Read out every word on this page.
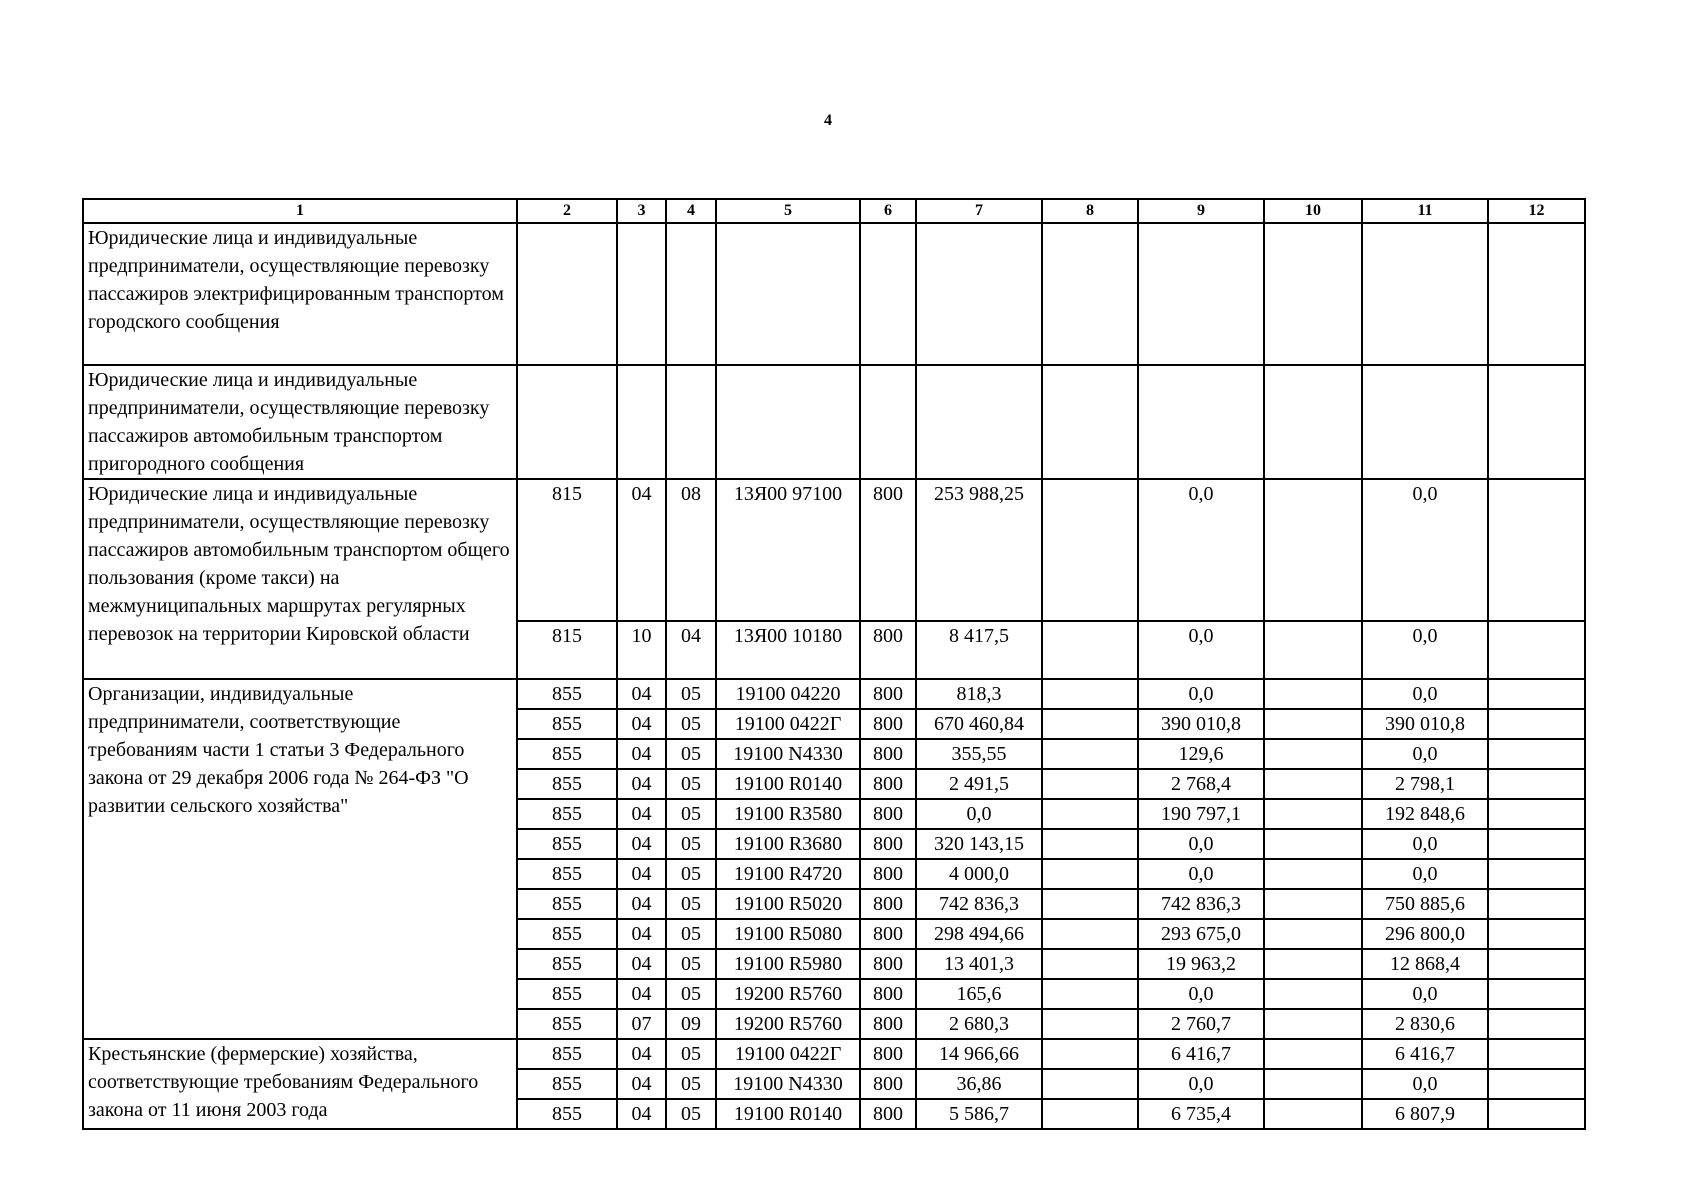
4
1	2	3	4	5	6	7	8	9	10	11	12
Юридические лица и индивидуальные предприниматели, осуществляющие перевозку пассажиров электрифицированным транспортом городского сообщения											
Юридические лица и индивидуальные предприниматели, осуществляющие перевозку пассажиров автомобильным транспортом пригородного сообщения											
Юридические лица и индивидуальные предприниматели, осуществляющие перевозку пассажиров автомобильным транспортом общего пользования (кроме такси) на межмуниципальных маршрутах регулярных перевозок на территории Кировской области	815	04	08	13Я00 97100	800	253 988,25		0,0		0,0	
	815	10	04	13Я00 10180	800	8 417,5		0,0		0,0	
Организации, индивидуальные предприниматели, соответствующие требованиям части 1 статьи 3 Федерального закона от 29 декабря 2006 года № 264-ФЗ "О развитии сельского хозяйства"	855	04	05	19100 04220	800	818,3		0,0		0,0	
	855	04	05	19100 0422Г	800	670 460,84		390 010,8		390 010,8	
	855	04	05	19100 N4330	800	355,55		129,6		0,0	
	855	04	05	19100 R0140	800	2 491,5		2 768,4		2 798,1	
	855	04	05	19100 R3580	800	0,0		190 797,1		192 848,6	
	855	04	05	19100 R3680	800	320 143,15		0,0		0,0	
	855	04	05	19100 R4720	800	4 000,0		0,0		0,0	
	855	04	05	19100 R5020	800	742 836,3		742 836,3		750 885,6	
	855	04	05	19100 R5080	800	298 494,66		293 675,0		296 800,0	
	855	04	05	19100 R5980	800	13 401,3		19 963,2		12 868,4	
	855	04	05	19200 R5760	800	165,6		0,0		0,0	
	855	07	09	19200 R5760	800	2 680,3		2 760,7		2 830,6	
Крестьянские (фермерские) хозяйства, соответствующие требованиям Федерального закона от 11 июня 2003 года	855	04	05	19100 0422Г	800	14 966,66		6 416,7		6 416,7	
	855	04	05	19100 N4330	800	36,86		0,0		0,0	
	855	04	05	19100 R0140	800	5 586,7		6 735,4		6 807,9	
